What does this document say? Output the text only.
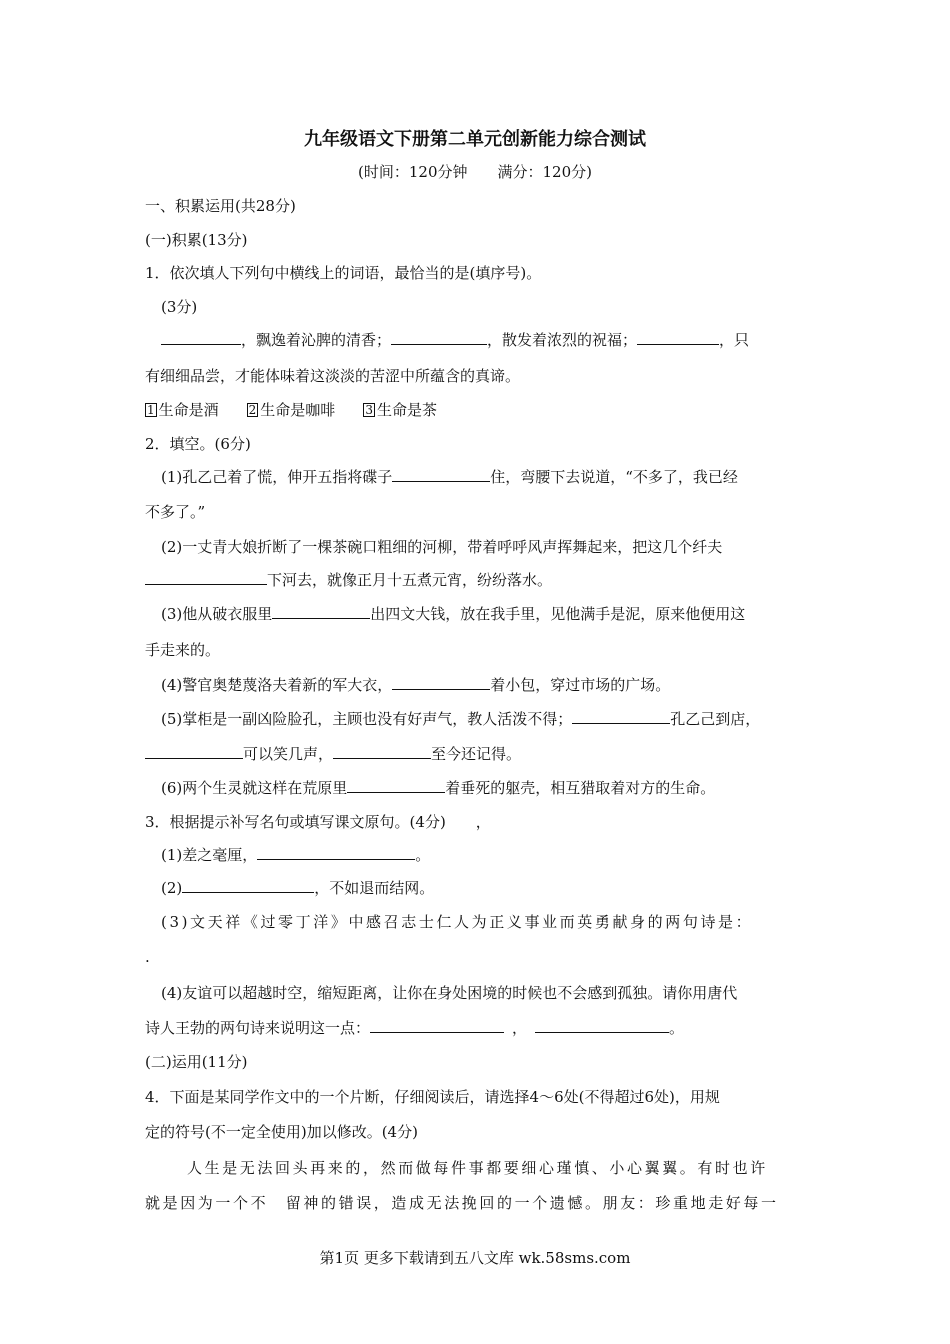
九年级语文下册第二单元创新能力综合测试
(时间：120分钟　　满分：120分)
一、积累运用(共28分)
(一)积累(13分)
1．依次填人下列句中横线上的词语，最恰当的是(填序号)。
(3分)
，飘逸着沁脾的清香；	，散发着浓烈的祝福；	，只
有细细品尝，才能体味着这淡淡的苦涩中所蕴含的真谛。
1 生命是酒	2 生命是咖啡	3 生命是茶
2．填空。(6分)
(1)孔乙己着了慌，伸开五指将碟子	住，弯腰下去说道，“不多了，我已经
不多了。”
(2)一丈青大娘折断了一棵茶碗口粗细的河柳，带着呼呼风声挥舞起来，把这几个纤夫
下河去，就像正月十五煮元宵，纷纷落水。
(3)他从破衣服里	出四文大钱，放在我手里，见他满手是泥，原来他便用这
手走来的。
(4)警官奥楚蔑洛夫着新的军大衣，	着小包，穿过市场的广场。
(5)掌柜是一副凶险脸孔，主顾也没有好声气，教人活泼不得；	孔乙己到店，
可以笑几声，	至今还记得。
(6)两个生灵就这样在荒原里	着垂死的躯壳，相互猎取着对方的生命。
3．根据提示补写名句或填写课文原句。(4分)　　，
(1)差之毫厘，	。
(2)	，不如退而结网。
(3)文天祥《过零丁洋》中感召志士仁人为正义事业而英勇献身的两句诗是：
.
(4)友谊可以超越时空，缩短距离，让你在身处困境的时候也不会感到孤独。请你用唐代
诗人王勃的两句诗来说明这一点：	，	。
(二)运用(11分)
4．下面是某同学作文中的一个片断，仔细阅读后，请选择4～6处(不得超过6处)，用规
定的符号(不一定全使用)加以修改。(4分)
人生是无法回头再来的，然而做每件事都要细心瑾慎、小心翼翼。有时也许
就是因为一个不　留神的错误，造成无法挽回的一个遗憾。朋友：珍重地走好每一
第1页 更多下载请到五八文库 wk.58sms.com
